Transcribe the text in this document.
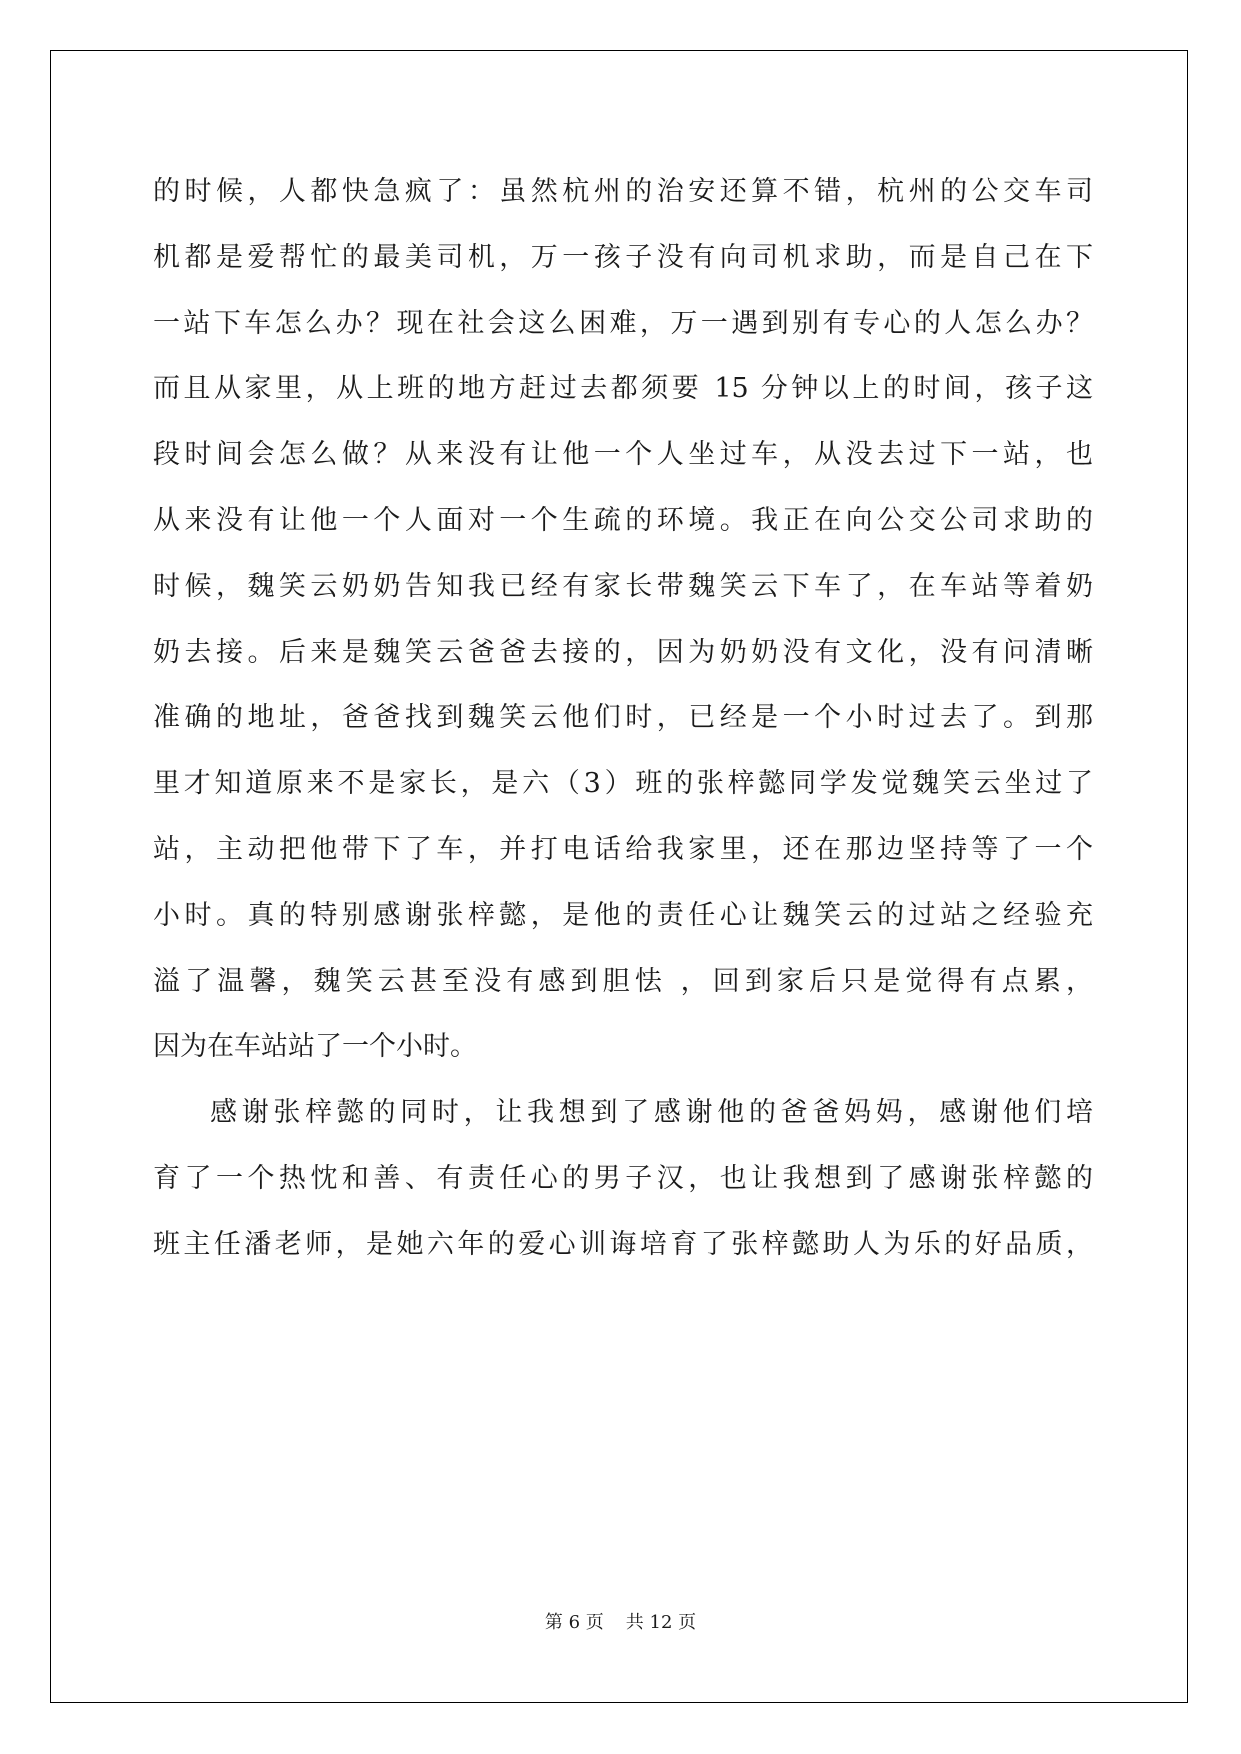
的时候，人都快急疯了：虽然杭州的治安还算不错，杭州的公交车司
机都是爱帮忙的最美司机，万一孩子没有向司机求助，而是自己在下
一站下车怎么办？现在社会这么困难，万一遇到别有专心的人怎么办？
而且从家里，从上班的地方赶过去都须要 15 分钟以上的时间，孩子这
段时间会怎么做？从来没有让他一个人坐过车，从没去过下一站，也
从来没有让他一个人面对一个生疏的环境。我正在向公交公司求助的
时候，魏笑云奶奶告知我已经有家长带魏笑云下车了，在车站等着奶
奶去接。后来是魏笑云爸爸去接的，因为奶奶没有文化，没有问清晰
准确的地址，爸爸找到魏笑云他们时，已经是一个小时过去了。到那
里才知道原来不是家长，是六（3）班的张梓懿同学发觉魏笑云坐过了
站，主动把他带下了车，并打电话给我家里，还在那边坚持等了一个
小时。真的特别感谢张梓懿，是他的责任心让魏笑云的过站之经验充
溢了温馨，魏笑云甚至没有感到胆怯 ，回到家后只是觉得有点累，
因为在车站站了一个小时。
感谢张梓懿的同时，让我想到了感谢他的爸爸妈妈，感谢他们培
育了一个热忱和善、有责任心的男子汉，也让我想到了感谢张梓懿的
班主任潘老师，是她六年的爱心训诲培育了张梓懿助人为乐的好品质，
第 6 页 共 12 页
